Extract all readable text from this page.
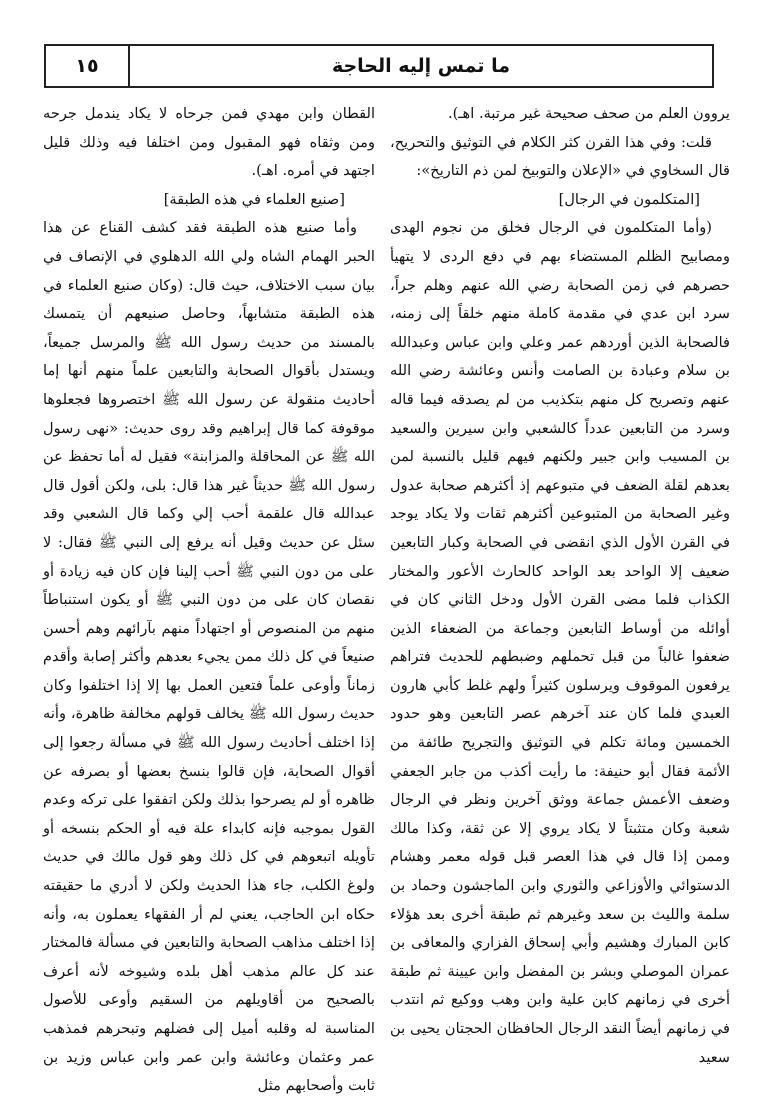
ما تمس إليه الحاجة
١٥

يروون العلم من صحف صحيحة غير مرتبة. اهـ).

قلت: وفي هذا القرن كثر الكلام في التوثيق والتحريح، قال السخاوي في «الإعلان والتوبيخ لمن ذم التاريخ»:

[المتكلمون في الرجال]

(وأما المتكلمون في الرجال فخلق من نجوم الهدى ومصابيح الظلم المستضاء بهم في دفع الردى لا يتهيأ حصرهم في زمن الصحابة رضي الله عنهم وهلم جراً، سرد ابن عدي في مقدمة كاملة منهم خلقاً إلى زمنه، فالصحابة الذين أوردهم عمر وعلي وابن عباس وعبدالله بن سلام وعبادة بن الصامت وأنس وعائشة رضي الله عنهم وتصريح كل منهم بتكذيب من لم يصدقه فيما قاله وسرد من التابعين عدداً كالشعبي وابن سيرين والسعيد بن المسيب وابن جبير ولكنهم فيهم قليل بالنسبة لمن بعدهم لقلة الضعف في متبوعهم إذ أكثرهم صحابة عدول وغير الصحابة من المتبوعين أكثرهم ثقات ولا يكاد يوجد في القرن الأول الذي انقضى في الصحابة وكبار التابعين ضعيف إلا الواحد بعد الواحد كالحارث الأعور والمختار الكذاب فلما مضى القرن الأول ودخل الثاني كان في أوائله من أوساط التابعين وجماعة من الضعفاء الذين ضعفوا غالباً من قبل تحملهم وضبطهم للحديث فتراهم يرفعون الموقوف ويرسلون كثيراً ولهم غلط كأبي هارون العبدي فلما كان عند آخرهم عصر التابعين وهو حدود الخمسين ومائة تكلم في التوثيق والتجريح طائفة من الأئمة فقال أبو حنيفة: ما رأيت أكذب من جابر الجعفي وضعف الأعمش جماعة ووثق آخرين ونظر في الرجال شعبة وكان متثبتاً لا يكاد يروي إلا عن ثقة، وكذا مالك وممن إذا قال في هذا العصر قبل قوله معمر وهشام الدستوائي والأوزاعي والثوري وابن الماجشون وحماد بن سلمة والليث بن سعد وغيرهم ثم طبقة أخرى بعد هؤلاء كابن المبارك وهشيم وأبي إسحاق الفزاري والمعافى بن عمران الموصلي وبشر بن المفضل وابن عيينة ثم طبقة أخرى في زمانهم كابن علية وابن وهب ووكيع ثم انتدب في زمانهم أيضاً النقد الرجال الحافظان الحجتان يحيى بن سعيد

القطان وابن مهدي فمن جرحاه لا يكاد يندمل جرحه ومن وثقاه فهو المقبول ومن اختلفا فيه وذلك قليل اجتهد في أمره. اهـ).

[صنيع العلماء في هذه الطبقة]

وأما صنيع هذه الطبقة فقد كشف القناع عن هذا الحبر الهمام الشاه ولي الله الدهلوي في الإنصاف في بيان سبب الاختلاف، حيث قال: (وكان صنيع العلماء في هذه الطبقة متشابهاً، وحاصل صنيعهم أن يتمسك بالمسند من حديث رسول الله ﷺ والمرسل جميعاً، ويستدل بأقوال الصحابة والتابعين علماً منهم أنها إما أحاديث منقولة عن رسول الله ﷺ اختصروها فجعلوها موقوفة كما قال إبراهيم وقد روى حديث: «نهى رسول الله ﷺ عن المحاقلة والمزابنة» فقيل له أما تحفظ عن رسول الله ﷺ حديثاً غير هذا قال: بلى، ولكن أقول قال عبدالله قال علقمة أحب إلي وكما قال الشعبي وقد سئل عن حديث وقيل أنه يرفع إلى النبي ﷺ فقال: لا على من دون النبي ﷺ أحب إلينا فإن كان فيه زيادة أو نقصان كان على من دون النبي ﷺ أو يكون استنباطاً منهم من المنصوص أو اجتهاداً منهم بآرائهم وهم أحسن صنيعاً في كل ذلك ممن يجيء بعدهم وأكثر إصابة وأقدم زماناً وأوعى علماً فتعين العمل بها إلا إذا اختلفوا وكان حديث رسول الله ﷺ يخالف قولهم مخالفة ظاهرة، وأنه إذا اختلف أحاديث رسول الله ﷺ في مسألة رجعوا إلى أقوال الصحابة، فإن قالوا بنسخ بعضها أو بصرفه عن ظاهره أو لم يصرحوا بذلك ولكن اتفقوا على تركه وعدم القول بموجبه فإنه كابداء علة فيه أو الحكم بنسخه أو تأويله اتبعوهم في كل ذلك وهو قول مالك في حديث ولوغ الكلب، جاء هذا الحديث ولكن لا أدري ما حقيقته حكاه ابن الحاجب، يعني لم أر الفقهاء يعملون به، وأنه إذا اختلف مذاهب الصحابة والتابعين في مسألة فالمختار عند كل عالم مذهب أهل بلده وشيوخه لأنه أعرف بالصحيح من أقاويلهم من السقيم وأوعى للأصول المناسبة له وقلبه أميل إلى فضلهم وتبحرهم فمذهب عمر وعثمان وعائشة وابن عمر وابن عباس وزيد بن ثابت وأصحابهم مثل
